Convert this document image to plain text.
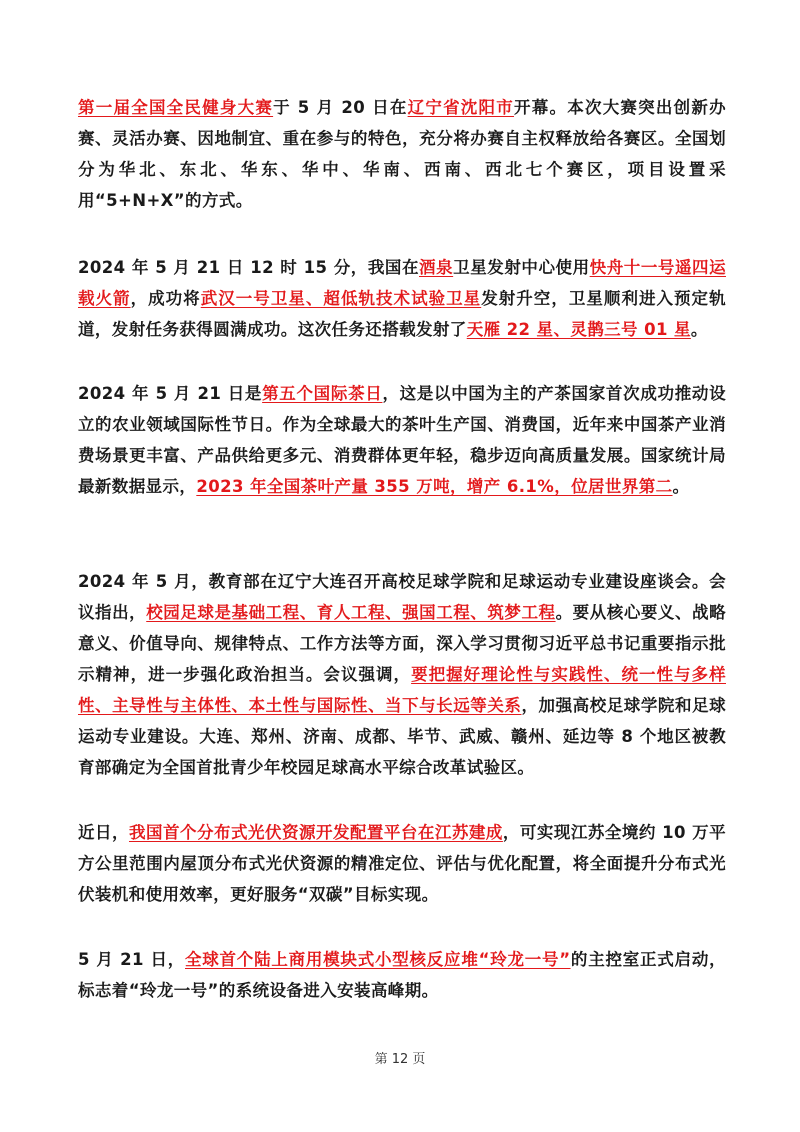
第一届全国全民健身大赛于 5 月 20 日在辽宁省沈阳市开幕。本次大赛突出创新办赛、灵活办赛、因地制宜、重在参与的特色，充分将办赛自主权释放给各赛区。全国划分为华北、东北、华东、华中、华南、西南、西北七个赛区，项目设置采用“5+N+X”的方式。

2024 年 5 月 21 日 12 时 15 分，我国在酒泉卫星发射中心使用快舟十一号遥四运载火箭，成功将武汉一号卫星、超低轨技术试验卫星发射升空，卫星顺利进入预定轨道，发射任务获得圆满成功。这次任务还搭载发射了天雁 22 星、灵鹊三号 01 星。

2024 年 5 月 21 日是第五个国际茶日，这是以中国为主的产茶国家首次成功推动设立的农业领域国际性节日。作为全球最大的茶叶生产国、消费国，近年来中国茶产业消费场景更丰富、产品供给更多元、消费群体更年轻，稳步迈向高质量发展。国家统计局最新数据显示，2023 年全国茶叶产量 355 万吨，增产 6.1%，位居世界第二。

2024 年 5 月，教育部在辽宁大连召开高校足球学院和足球运动专业建设座谈会。会议指出，校园足球是基础工程、育人工程、强国工程、筑梦工程。要从核心要义、战略意义、价值导向、规律特点、工作方法等方面，深入学习贯彻习近平总书记重要指示批示精神，进一步强化政治担当。会议强调，要把握好理论性与实践性、统一性与多样性、主导性与主体性、本土性与国际性、当下与长远等关系，加强高校足球学院和足球运动专业建设。大连、郑州、济南、成都、毕节、武威、赣州、延边等 8 个地区被教育部确定为全国首批青少年校园足球高水平综合改革试验区。

近日，我国首个分布式光伏资源开发配置平台在江苏建成，可实现江苏全境约 10 万平方公里范围内屋顶分布式光伏资源的精准定位、评估与优化配置，将全面提升分布式光伏装机和使用效率，更好服务“双碳”目标实现。

5 月 21 日，全球首个陆上商用模块式小型核反应堆“玲龙一号”的主控室正式启动，标志着“玲龙一号”的系统设备进入安装高峰期。

第 12 页
